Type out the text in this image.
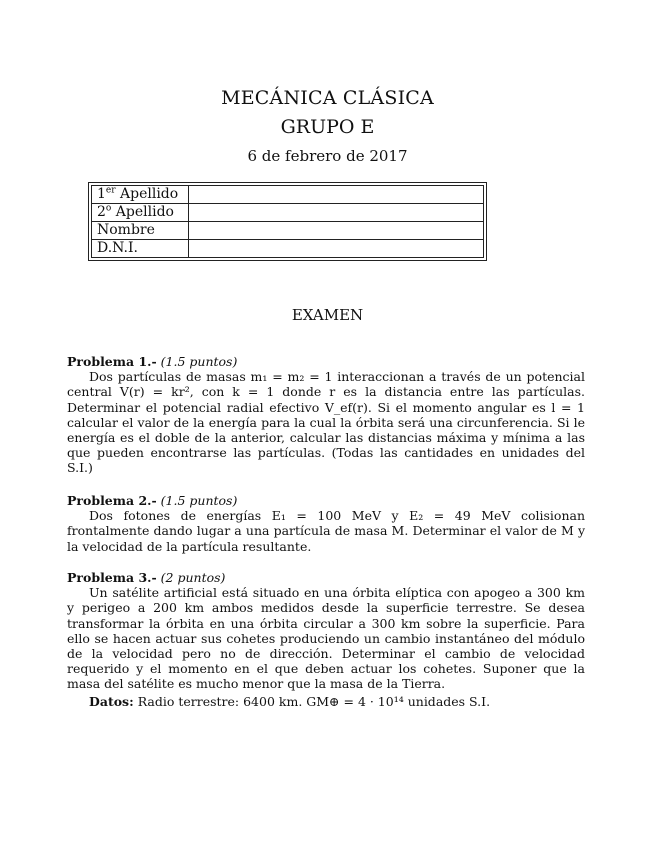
MECÁNICA CLÁSICA
GRUPO E
6 de febrero de 2017
1er Apellido	
2$^o$ Apellido	
Nombre	
D.N.I.	
EXAMEN
Problema 1.- (1.5 puntos)

Dos partículas de masas m₁ = m₂ = 1 interaccionan a través de un potencial central V(r) = kr², con k = 1 donde r es la distancia entre las partículas. Determinar el potencial radial efectivo V_ef(r). Si el momento angular es l = 1 calcular el valor de la energía para la cual la órbita será una circunferencia. Si le energía es el doble de la anterior, calcular las distancias máxima y mínima a las que pueden encontrarse las partículas. (Todas las cantidades en unidades del S.I.)

Problema 2.- (1.5 puntos)

Dos fotones de energías E₁ = 100 MeV y E₂ = 49 MeV colisionan frontalmente dando lugar a una partícula de masa M. Determinar el valor de M y la velocidad de la partícula resultante.

Problema 3.- (2 puntos)

Un satélite artificial está situado en una órbita elíptica con apogeo a 300 km y perigeo a 200 km ambos medidos desde la superficie terrestre. Se desea transformar la órbita en una órbita circular a 300 km sobre la superficie. Para ello se hacen actuar sus cohetes produciendo un cambio instantáneo del módulo de la velocidad pero no de dirección. Determinar el cambio de velocidad requerido y el momento en el que deben actuar los cohetes. Suponer que la masa del satélite es mucho menor que la masa de la Tierra.

Datos: Radio terrestre: 6400 km. GM⊕ = 4 · 10¹⁴ unidades S.I.
